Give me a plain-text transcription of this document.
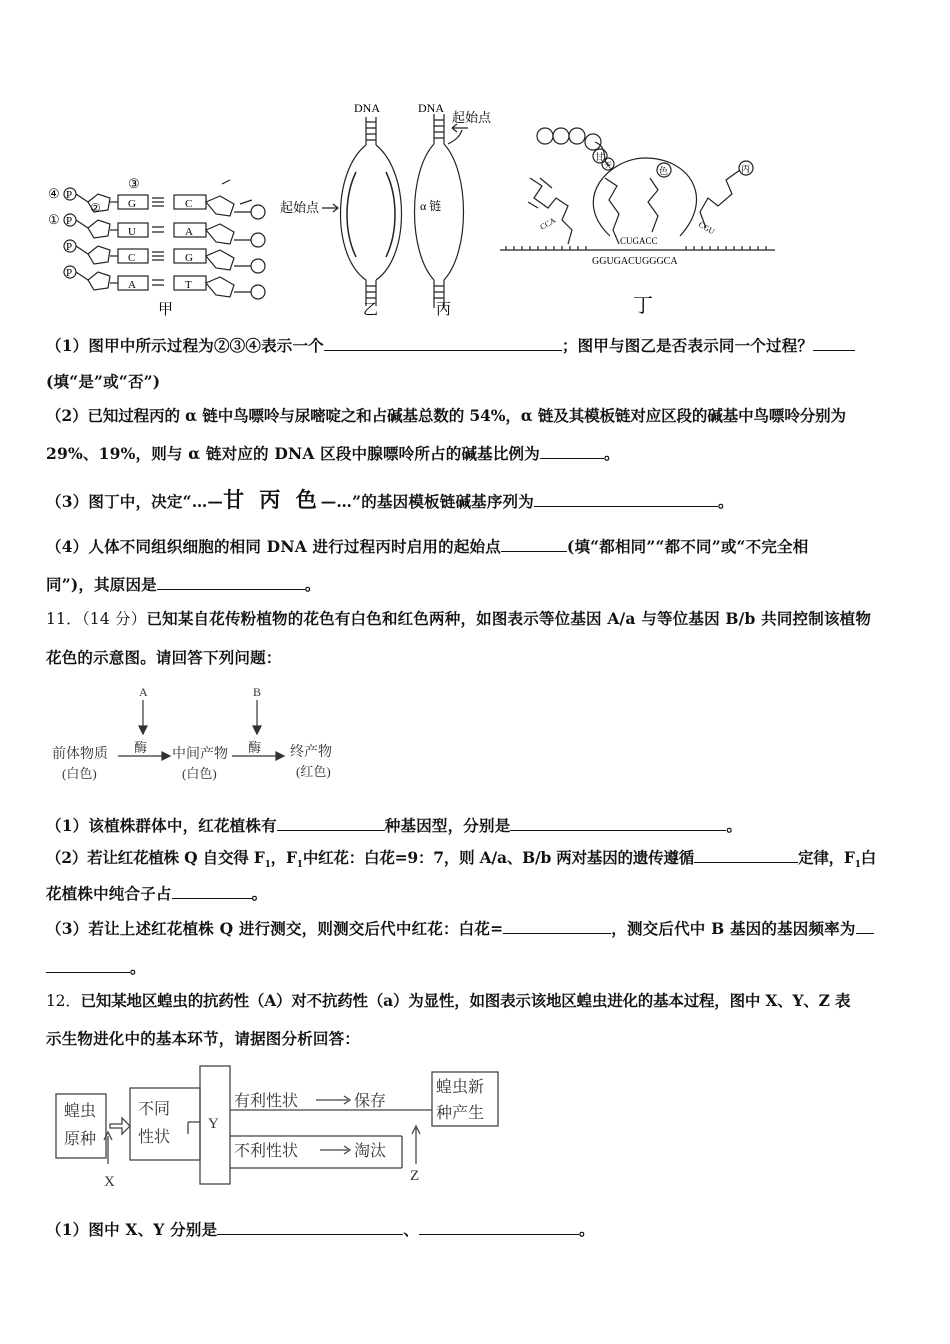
④ P
① P
P
P
②
③
G
U
C
A
C
A
G
T
甲
DNA
起始点
乙
DNA
起始点
α 链
丙
甘
天
色	丙
CCA
CUGACC
CGU
GGUGACUGGGCA
丁
（1）图甲中所示过程为②③④表示一个	；图甲与图乙是否表示同一个过程？
(填“是”或“否”)
（2）已知过程丙的 α 链中鸟嘌呤与尿嘧啶之和占碱基总数的 54%，α 链及其模板链对应区段的碱基中鸟嘌呤分别为
29%、19%，则与 α 链对应的 DNA 区段中腺嘌呤所占的碱基比例为	。
（3）图丁中，决定“…—甘 丙 色—…”的基因模板链碱基序列为	。
（4）人体不同组织细胞的相同 DNA 进行过程丙时启用的起始点	(填“都相同”“都不同”或“不完全相
同”)，其原因是	。
11．（14 分）已知某自花传粉植物的花色有白色和红色两种，如图表示等位基因 A/a 与等位基因 B/b 共同控制该植物
花色的示意图。请回答下列问题：
A	B
酶	酶
前体物质
(白色)
中间产物
(白色)
终产物
(红色)
（1）该植株群体中，红花植株有	种基因型，分别是	。
（2）若让红花植株 Q 自交得 $F_1$，$F_1$中红花：白花=9：7，则 A/a、B/b 两对基因的遗传遵循	定律，$F_1$白
花植株中纯合子占	。
（3）若让上述红花植株 Q 进行测交，则测交后代中红花：白花=	，测交后代中 B 基因的基因频率为
。
12．已知某地区蝗虫的抗药性（A）对不抗药性（a）为显性，如图表示该地区蝗虫进化的基本过程，图中 X、Y、Z 表
示生物进化中的基本环节，请据图分析回答：
蝗虫
原种
不同
性状
Y
有利性状	保存
不利性状	淘汰
蝗虫新
种产生
X	Z
（1）图中 X、Y 分别是	、	。
